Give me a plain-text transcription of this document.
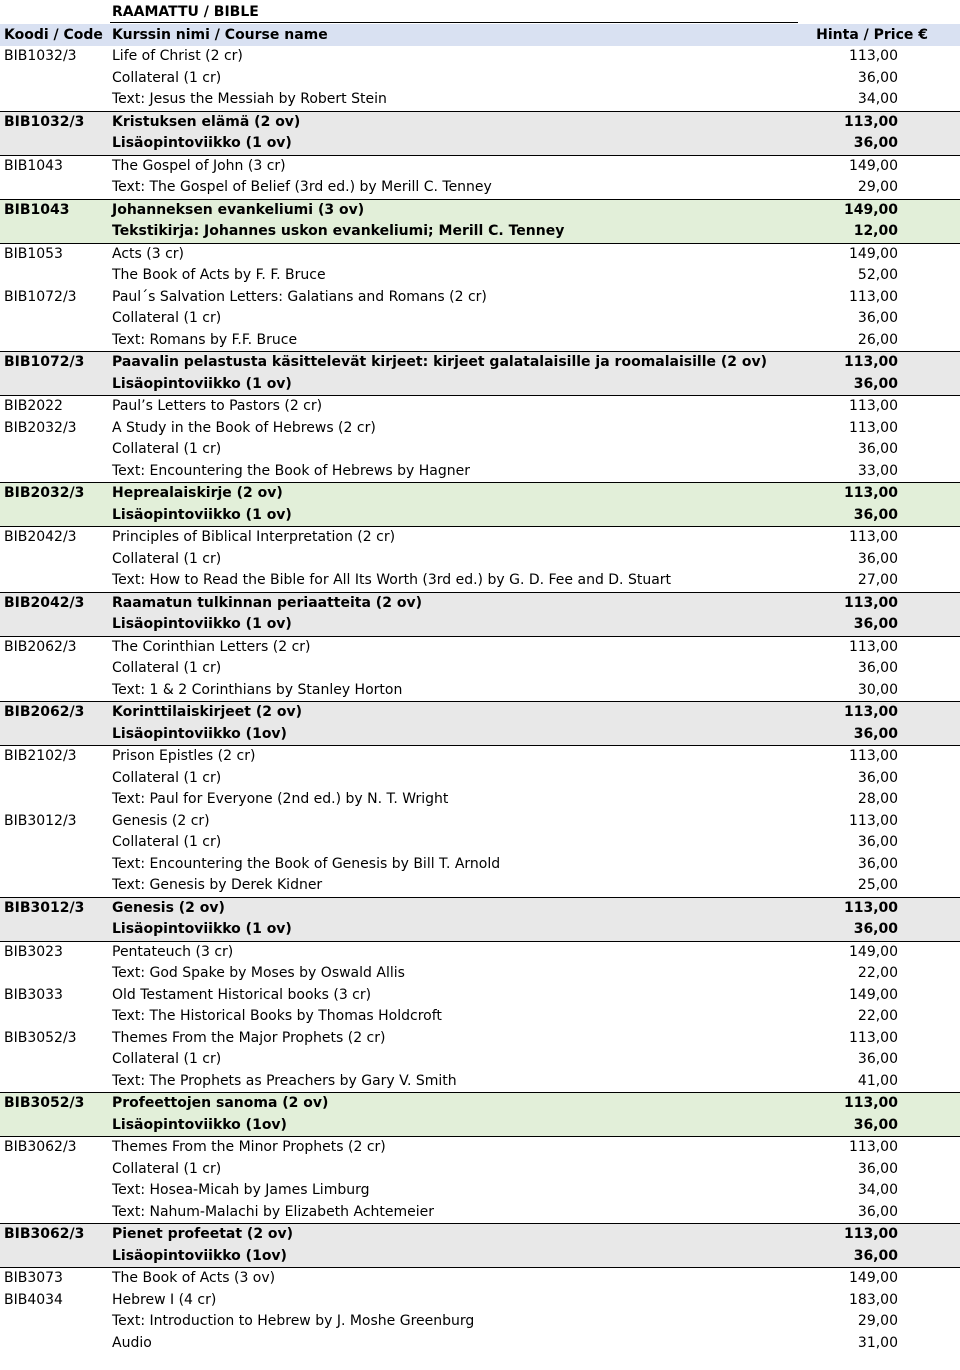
RAAMATTU / BIBLE
Koodi / Code Kurssin nimi / Course name	Hinta / Price €
BIB1032/3	Life of Christ (2 cr)	113,00
Collateral (1 cr)	36,00
Text: Jesus the Messiah by Robert Stein	34,00
BIB1032/3 Kristuksen elämä (2 ov)	113,00
Lisäopintoviikko (1 ov)	36,00
BIB1043	The Gospel of John (3 cr)	149,00
Text: The Gospel of Belief (3rd ed.) by Merill C. Tenney	29,00
BIB1043	Johanneksen evankeliumi (3 ov)	149,00
Tekstikirja: Johannes uskon evankeliumi; Merill C. Tenney	12,00
BIB1053	Acts (3 cr)	149,00
The Book of Acts by F. F. Bruce	52,00
BIB1072/3	Paul´s Salvation Letters: Galatians and Romans (2 cr)	113,00
Collateral (1 cr)	36,00
Text: Romans by F.F. Bruce	26,00
BIB1072/3 Paavalin pelastusta käsittelevät kirjeet: kirjeet galatalaisille ja roomalaisille (2 ov)	113,00
Lisäopintoviikko (1 ov)	36,00
BIB2022	Paul’s Letters to Pastors (2 cr)	113,00
BIB2032/3	A Study in the Book of Hebrews (2 cr)	113,00
Collateral (1 cr)	36,00
Text: Encountering the Book of Hebrews by Hagner	33,00
BIB2032/3 Heprealaiskirje (2 ov)	113,00
Lisäopintoviikko (1 ov)	36,00
BIB2042/3	Principles of Biblical Interpretation (2 cr)	113,00
Collateral (1 cr)	36,00
Text: How to Read the Bible for All Its Worth (3rd ed.) by G. D. Fee and D. Stuart	27,00
BIB2042/3 Raamatun tulkinnan periaatteita (2 ov)	113,00
Lisäopintoviikko (1 ov)	36,00
BIB2062/3	The Corinthian Letters (2 cr)	113,00
Collateral (1 cr)	36,00
Text: 1 & 2 Corinthians by Stanley Horton	30,00
BIB2062/3 Korinttilaiskirjeet (2 ov)	113,00
Lisäopintoviikko (1ov)	36,00
BIB2102/3	Prison Epistles (2 cr)	113,00
Collateral (1 cr)	36,00
Text: Paul for Everyone (2nd ed.) by N. T. Wright	28,00
BIB3012/3	Genesis (2 cr)	113,00
Collateral (1 cr)	36,00
Text: Encountering the Book of Genesis by Bill T. Arnold	36,00
Text: Genesis by Derek Kidner	25,00
BIB3012/3 Genesis (2 ov)	113,00
Lisäopintoviikko (1 ov)	36,00
BIB3023	Pentateuch (3 cr)	149,00
Text: God Spake by Moses by Oswald Allis	22,00
BIB3033	Old Testament Historical books (3 cr)	149,00
Text: The Historical Books by Thomas Holdcroft	22,00
BIB3052/3	Themes From the Major Prophets (2 cr)	113,00
Collateral (1 cr)	36,00
Text: The Prophets as Preachers by Gary V. Smith	41,00
BIB3052/3 Profeettojen sanoma (2 ov)	113,00
Lisäopintoviikko (1ov)	36,00
BIB3062/3	Themes From the Minor Prophets (2 cr)	113,00
Collateral (1 cr)	36,00
Text: Hosea-Micah by James Limburg	34,00
Text: Nahum-Malachi by Elizabeth Achtemeier	36,00
BIB3062/3 Pienet profeetat (2 ov)	113,00
Lisäopintoviikko (1ov)	36,00
BIB3073	The Book of Acts (3 ov)	149,00
BIB4034	Hebrew I (4 cr)	183,00
Text: Introduction to Hebrew by J. Moshe Greenburg	29,00
Audio	31,00
